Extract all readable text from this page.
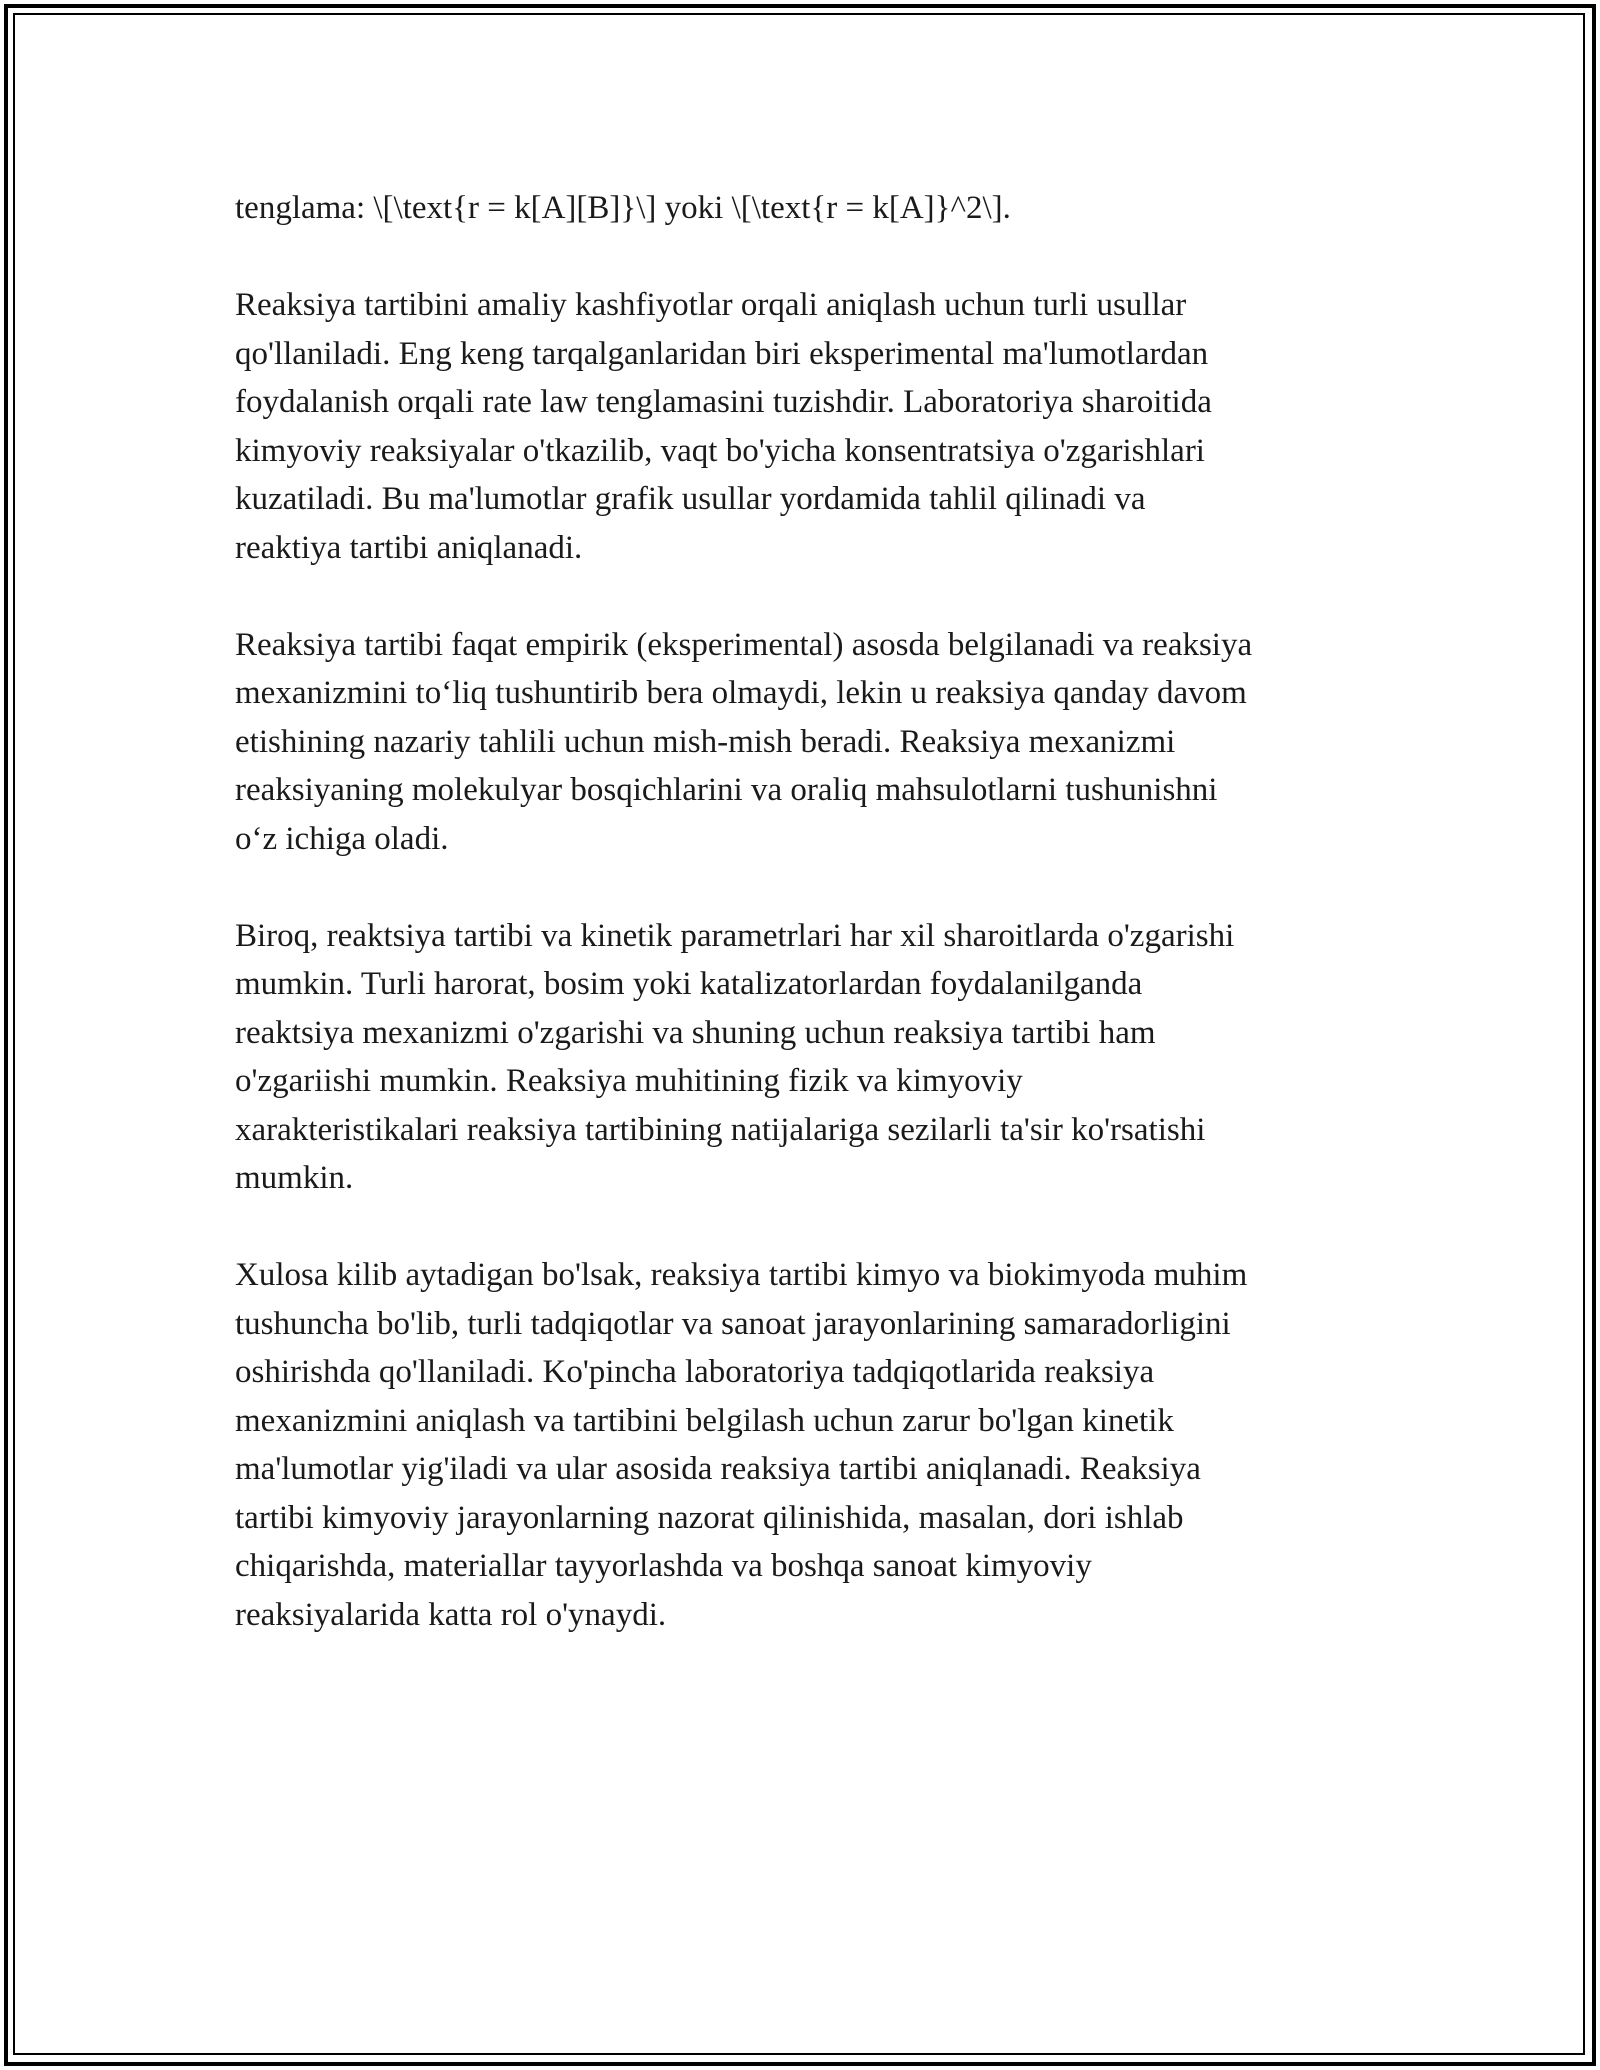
tenglama: \[\text{r = k[A][B]}\] yoki \[\text{r = k[A]}^2\].

Reaksiya tartibini amaliy kashfiyotlar orqali aniqlash uchun turli usullar
qo'llaniladi. Eng keng tarqalganlaridan biri eksperimental ma'lumotlardan
foydalanish orqali rate law tenglamasini tuzishdir. Laboratoriya sharoitida
kimyoviy reaksiyalar o'tkazilib, vaqt bo'yicha konsentratsiya o'zgarishlari
kuzatiladi. Bu ma'lumotlar grafik usullar yordamida tahlil qilinadi va
reaktiya tartibi aniqlanadi.

Reaksiya tartibi faqat empirik (eksperimental) asosda belgilanadi va reaksiya
mexanizmini to‘liq tushuntirib bera olmaydi, lekin u reaksiya qanday davom
etishining nazariy tahlili uchun mish-mish beradi. Reaksiya mexanizmi
reaksiyaning molekulyar bosqichlarini va oraliq mahsulotlarni tushunishni
o‘z ichiga oladi.

Biroq, reaktsiya tartibi va kinetik parametrlari har xil sharoitlarda o'zgarishi
mumkin. Turli harorat, bosim yoki katalizatorlardan foydalanilganda
reaktsiya mexanizmi o'zgarishi va shuning uchun reaksiya tartibi ham
o'zgariishi mumkin. Reaksiya muhitining fizik va kimyoviy
xarakteristikalari reaksiya tartibining natijalariga sezilarli ta'sir ko'rsatishi
mumkin.

Xulosa kilib aytadigan bo'lsak, reaksiya tartibi kimyo va biokimyoda muhim
tushuncha bo'lib, turli tadqiqotlar va sanoat jarayonlarining samaradorligini
oshirishda qo'llaniladi. Ko'pincha laboratoriya tadqiqotlarida reaksiya
mexanizmini aniqlash va tartibini belgilash uchun zarur bo'lgan kinetik
ma'lumotlar yig'iladi va ular asosida reaksiya tartibi aniqlanadi. Reaksiya
tartibi kimyoviy jarayonlarning nazorat qilinishida, masalan, dori ishlab
chiqarishda, materiallar tayyorlashda va boshqa sanoat kimyoviy
reaksiyalarida katta rol o'ynaydi.
